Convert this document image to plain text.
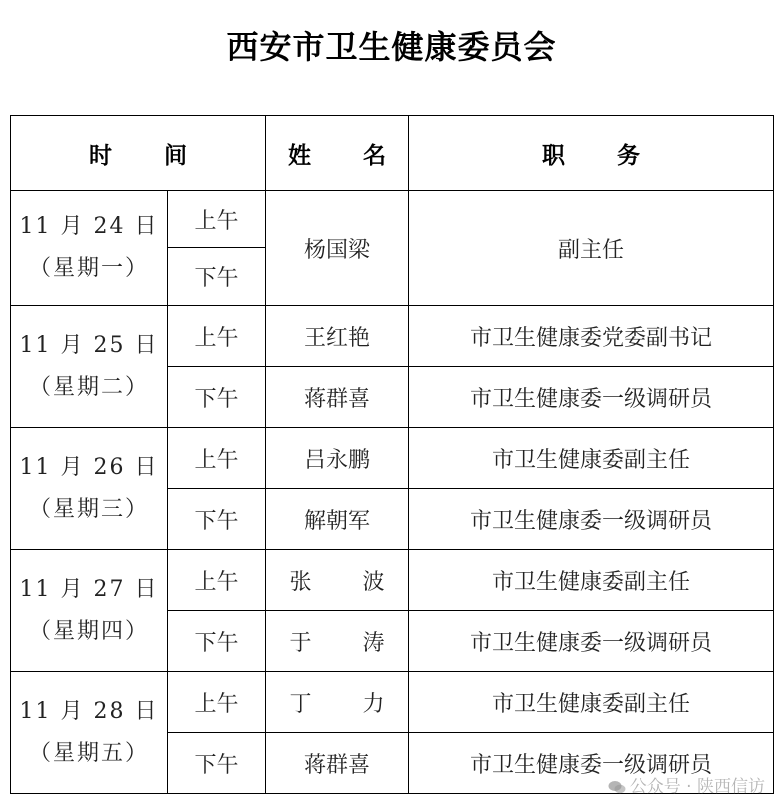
西安市卫生健康委员会
时 间		姓 名	职 务

11 月 24 日
（星期一）	上午	杨国梁	副主任
	下午		

11 月 25 日
（星期二）	上午	王红艳	市卫生健康委党委副书记
	下午	蒋群喜	市卫生健康委一级调研员

11 月 26 日
（星期三）	上午	吕永鹏	市卫生健康委副主任
	下午	解朝军	市卫生健康委一级调研员

11 月 27 日
（星期四）	上午	张 波	市卫生健康委副主任
	下午	于 涛	市卫生健康委一级调研员

11 月 28 日
（星期五）	上午	丁 力	市卫生健康委副主任
	下午	蒋群喜	市卫生健康委一级调研员
公众号 · 陕西信访
